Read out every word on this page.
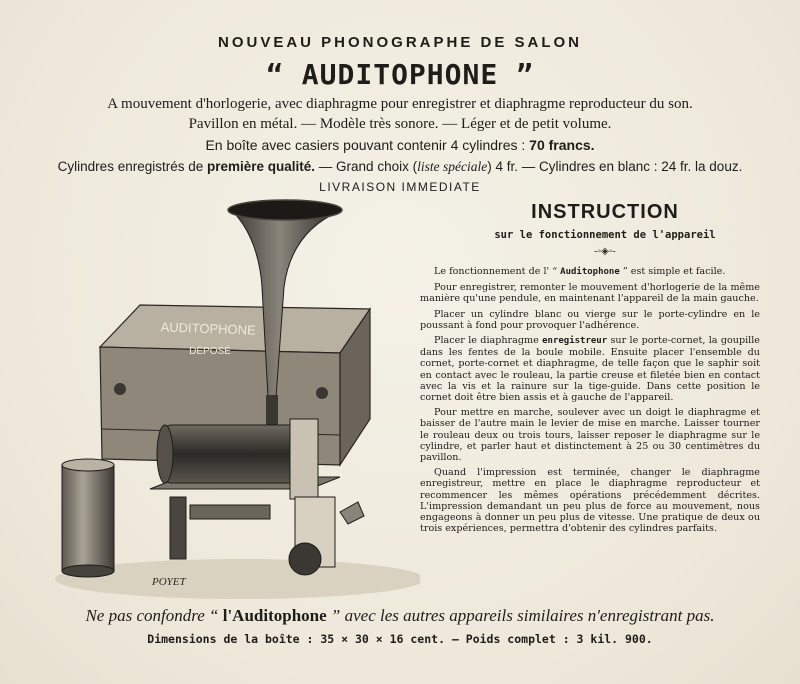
NOUVEAU PHONOGRAPHE DE SALON
“ AUDITOPHONE ”
A mouvement d'horlogerie, avec diaphragme pour enregistrer et diaphragme reproducteur du son.
Pavillon en métal. — Modèle très sonore. — Léger et de petit volume.
En boîte avec casiers pouvant contenir 4 cylindres : 70 francs.
Cylindres enregistrés de première qualité. — Grand choix (liste spéciale) 4 fr. — Cylindres en blanc : 24 fr. la douz.
LIVRAISON IMMEDIATE
AUDITOPHONE
DÉPOSÉ
POYET
INSTRUCTION
sur le fonctionnement de l'appareil
-◦◈◦-

Le fonctionnement de l' “ Auditophone ” est simple et facile.

Pour enregistrer, remonter le mouvement d'horlogerie de la même manière qu'une pendule, en maintenant l'appareil de la main gauche.

Placer un cylindre blanc ou vierge sur le porte-cylindre en le poussant à fond pour provoquer l'adhérence.

Placer le diaphragme enregistreur sur le porte-cornet, la goupille dans les fentes de la boule mobile. Ensuite placer l'ensemble du cornet, porte-cornet et diaphragme, de telle façon que le saphir soit en contact avec le rouleau, la partie creuse et filetée bien en contact avec la vis et la rainure sur la tige-guide. Dans cette position le cornet doit être bien assis et à gauche de l'appareil.

Pour mettre en marche, soulever avec un doigt le diaphragme et baisser de l'autre main le levier de mise en marche. Laisser tourner le rouleau deux ou trois tours, laisser reposer le diaphragme sur le cylindre, et parler haut et distinctement à 25 ou 30 centimètres du pavillon.

Quand l'impression est terminée, changer le diaphragme enregistreur, mettre en place le diaphragme reproducteur et recommencer les mêmes opérations précédemment décrites. L'impression demandant un peu plus de force au mouvement, nous engageons à donner un peu plus de vitesse. Une pratique de deux ou trois expériences, permettra d'obtenir des cylindres parfaits.

Ne pas confondre “ l'Auditophone ” avec les autres appareils similaires n'enregistrant pas.
Dimensions de la boîte : 35 × 30 × 16 cent. — Poids complet : 3 kil. 900.
